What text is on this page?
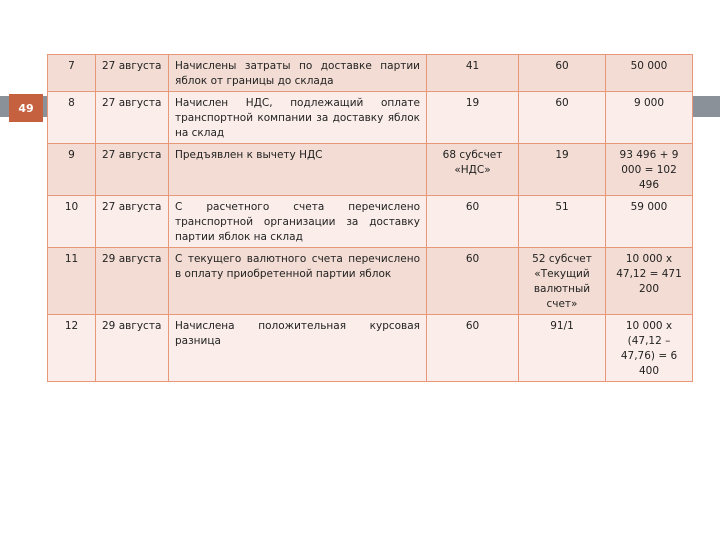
49
7	27 августа	Начислены затраты по доставке партии яблок от границы до склада	41	60	50 000
8	27 августа	Начислен НДС, подлежащий оплате транспортной компании за доставку яблок на склад	19	60	9 000
9	27 августа	Предъявлен к вычету НДС	68 субсчет «НДС»	19	93 496 + 9 000 = 102 496
10	27 августа	С расчетного счета перечислено транспортной организации за доставку партии яблок на склад	60	51	59 000
11	29 августа	С текущего валютного счета перечислено в оплату приобретенной партии яблок	60	52 субсчет «Текущий валютный счет»	10 000 х 47,12 = 471 200
12	29 августа	Начислена положительная курсовая разница	60	91/1	10 000 х (47,12 – 47,76) = 6 400
